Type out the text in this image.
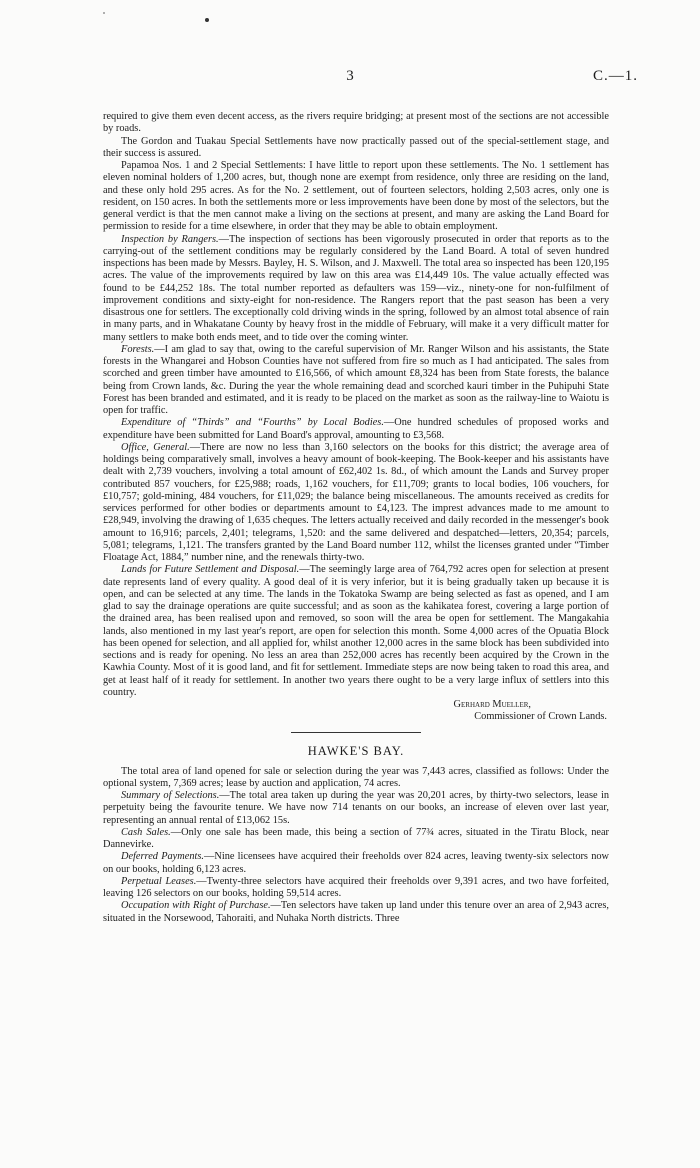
3	C.—1.

required to give them even decent access, as the rivers require bridging; at present most of the sections are not accessible by roads.

The Gordon and Tuakau Special Settlements have now practically passed out of the special-settlement stage, and their success is assured.

Papamoa Nos. 1 and 2 Special Settlements: I have little to report upon these settlements. The No. 1 settlement has eleven nominal holders of 1,200 acres, but, though none are exempt from residence, only three are residing on the land, and these only hold 295 acres. As for the No. 2 settlement, out of fourteen selectors, holding 2,503 acres, only one is resident, on 150 acres. In both the settlements more or less improvements have been done by most of the selectors, but the general verdict is that the men cannot make a living on the sections at present, and many are asking the Land Board for permission to reside for a time elsewhere, in order that they may be able to obtain employment.

Inspection by Rangers.—The inspection of sections has been vigorously prosecuted in order that reports as to the carrying-out of the settlement conditions may be regularly considered by the Land Board. A total of seven hundred inspections has been made by Messrs. Bayley, H. S. Wilson, and J. Maxwell. The total area so inspected has been 120,195 acres. The value of the improvements required by law on this area was £14,449 10s. The value actually effected was found to be £44,252 18s. The total number reported as defaulters was 159—viz., ninety-one for non-fulfilment of improvement conditions and sixty-eight for non-residence. The Rangers report that the past season has been a very disastrous one for settlers. The exceptionally cold driving winds in the spring, followed by an almost total absence of rain in many parts, and in Whakatane County by heavy frost in the middle of February, will make it a very difficult matter for many settlers to make both ends meet, and to tide over the coming winter.

Forests.—I am glad to say that, owing to the careful supervision of Mr. Ranger Wilson and his assistants, the State forests in the Whangarei and Hobson Counties have not suffered from fire so much as I had anticipated. The sales from scorched and green timber have amounted to £16,566, of which amount £8,324 has been from State forests, the balance being from Crown lands, &c. During the year the whole remaining dead and scorched kauri timber in the Puhipuhi State Forest has been branded and estimated, and it is ready to be placed on the market as soon as the railway-line to Waiotu is open for traffic.

Expenditure of “Thirds” and “Fourths” by Local Bodies.—One hundred schedules of proposed works and expenditure have been submitted for Land Board's approval, amounting to £3,568.

Office, General.—There are now no less than 3,160 selectors on the books for this district; the average area of holdings being comparatively small, involves a heavy amount of book-keeping. The Book-keeper and his assistants have dealt with 2,739 vouchers, involving a total amount of £62,402 1s. 8d., of which amount the Lands and Survey proper contributed 857 vouchers, for £25,988; roads, 1,162 vouchers, for £11,709; grants to local bodies, 106 vouchers, for £10,757; gold-mining, 484 vouchers, for £11,029; the balance being miscellaneous. The amounts received as credits for services performed for other bodies or departments amount to £4,123. The imprest advances made to me amount to £28,949, involving the drawing of 1,635 cheques. The letters actually received and daily recorded in the messenger's book amount to 16,916; parcels, 2,401; telegrams, 1,520: and the same delivered and despatched—letters, 20,354; parcels, 5,081; telegrams, 1,121. The transfers granted by the Land Board number 112, whilst the licenses granted under “Timber Floatage Act, 1884,” number nine, and the renewals thirty-two.

Lands for Future Settlement and Disposal.—The seemingly large area of 764,792 acres open for selection at present date represents land of every quality. A good deal of it is very inferior, but it is being gradually taken up because it is open, and can be selected at any time. The lands in the Tokatoka Swamp are being selected as fast as opened, and I am glad to say the drainage operations are quite successful; and as soon as the kahikatea forest, covering a large portion of the drained area, has been realised upon and removed, so soon will the area be open for settlement. The Mangakahia lands, also mentioned in my last year's report, are open for selection this month. Some 4,000 acres of the Opuatia Block has been opened for selection, and all applied for, whilst another 12,000 acres in the same block has been subdivided into sections and is ready for opening. No less an area than 252,000 acres has recently been acquired by the Crown in the Kawhia County. Most of it is good land, and fit for settlement. Immediate steps are now being taken to road this area, and get at least half of it ready for settlement. In another two years there ought to be a very large influx of settlers into this country.

Gerhard Mueller,
Commissioner of Crown Lands.
HAWKE'S BAY.

The total area of land opened for sale or selection during the year was 7,443 acres, classified as follows: Under the optional system, 7,369 acres; lease by auction and application, 74 acres.

Summary of Selections.—The total area taken up during the year was 20,201 acres, by thirty-two selectors, lease in perpetuity being the favourite tenure. We have now 714 tenants on our books, an increase of eleven over last year, representing an annual rental of £13,062 15s.

Cash Sales.—Only one sale has been made, this being a section of 77¾ acres, situated in the Tiratu Block, near Dannevirke.

Deferred Payments.—Nine licensees have acquired their freeholds over 824 acres, leaving twenty-six selectors now on our books, holding 6,123 acres.

Perpetual Leases.—Twenty-three selectors have acquired their freeholds over 9,391 acres, and two have forfeited, leaving 126 selectors on our books, holding 59,514 acres.

Occupation with Right of Purchase.—Ten selectors have taken up land under this tenure over an area of 2,943 acres, situated in the Norsewood, Tahoraiti, and Nuhaka North districts. Three
